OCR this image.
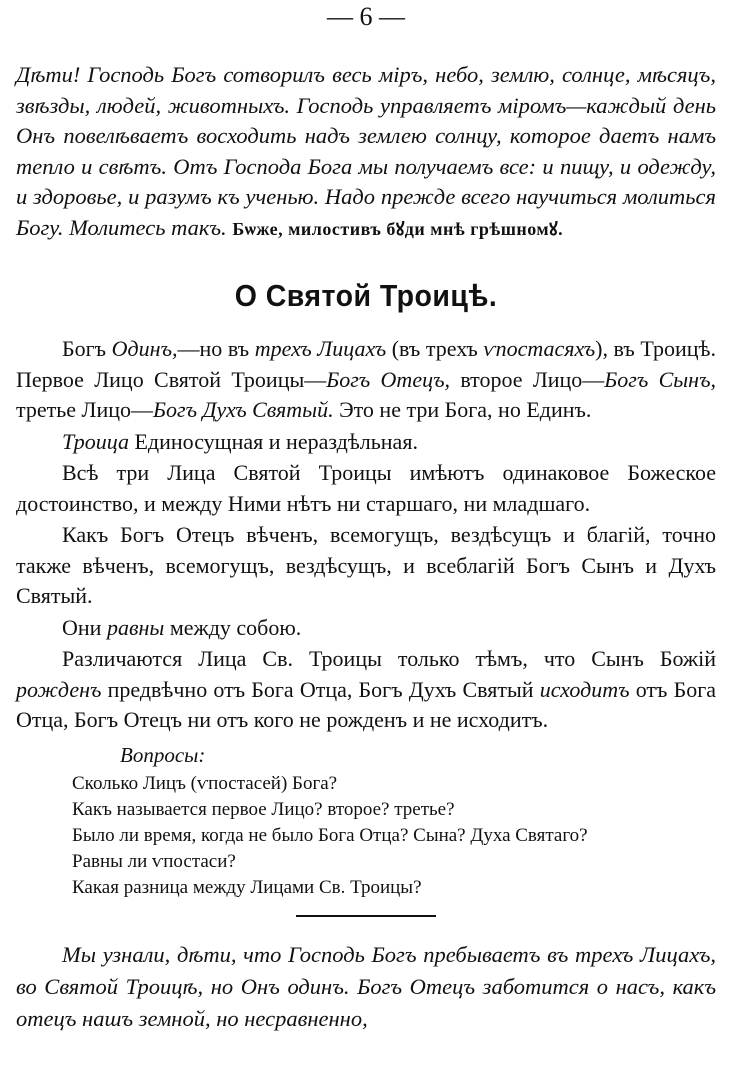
— 6 —

Дѣти! Господь Богъ сотворилъ весь міръ, небо, землю, солнце, мѣсяцъ, звѣзды, людей, животныхъ. Господь управляетъ міромъ—каждый день Онъ повелѣваетъ восходить надъ землею солнцу, которое даетъ намъ тепло и свѣтъ. Отъ Господа Бога мы получаемъ все: и пищу, и одежду, и здоровье, и разумъ къ ученью. Надо прежде всего научиться молиться Богу. Молитесь такъ. Бѡже, милостивъ бꙋди мнѣ грѣшномꙋ.

О Святой Троицѣ.

Богъ Одинъ,—но въ трехъ Лицахъ (въ трехъ ѵпостасяхъ), въ Троицѣ. Первое Лицо Святой Троицы—Богъ Отецъ, второе Лицо—Богъ Сынъ, третье Лицо—Богъ Духъ Святый. Это не три Бога, но Единъ.

Троица Единосущная и нераздѣльная.

Всѣ три Лица Святой Троицы имѣютъ одинаковое Божеское достоинство, и между Ними нѣтъ ни старшаго, ни младшаго.

Какъ Богъ Отецъ вѣченъ, всемогущъ, вездѣсущъ и благій, точно также вѣченъ, всемогущъ, вездѣсущъ, и всеблагій Богъ Сынъ и Духъ Святый.

Они равны между собою.

Различаются Лица Св. Троицы только тѣмъ, что Сынъ Божій рожденъ предвѣчно отъ Бога Отца, Богъ Духъ Святый исходитъ отъ Бога Отца, Богъ Отецъ ни отъ кого не рожденъ и не исходитъ.

Вопросы:
Сколько Лицъ (ѵпостасей) Бога?
Какъ называется первое Лицо? второе? третье?
Было ли время, когда не было Бога Отца? Сына? Духа Святаго?
Равны ли ѵпостаси?
Какая разница между Лицами Св. Троицы?

Мы узнали, дѣти, что Господь Богъ пребываетъ въ трехъ Лицахъ, во Святой Троицѣ, но Онъ одинъ. Богъ Отецъ заботится о насъ, какъ отецъ нашъ земной, но несравненно,
